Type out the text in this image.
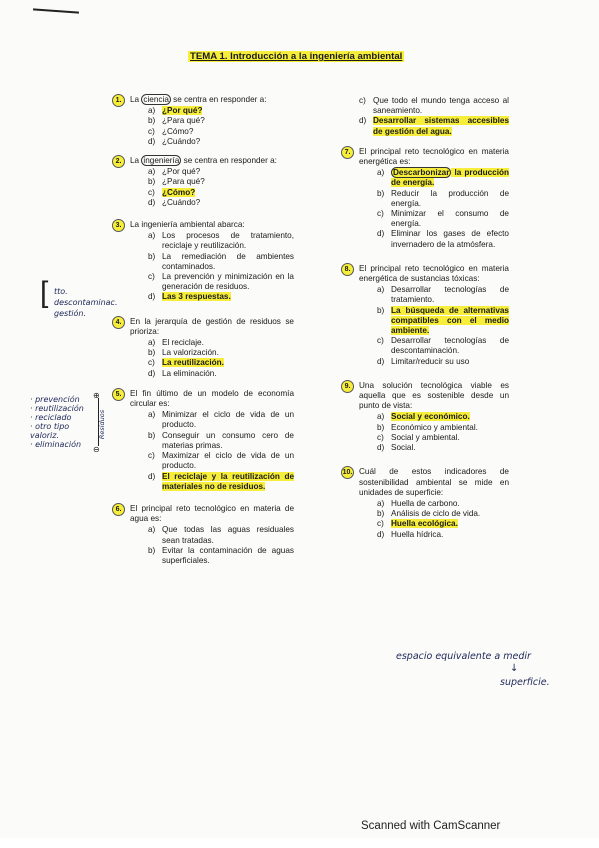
TEMA 1. Introducción a la ingeniería ambiental
1.	La ciencia se centra en responder a:
a) ¿Por qué?
b) ¿Para qué?
c) ¿Cómo?
d) ¿Cuándo?
2.	La ingeniería se centra en responder a:
a) ¿Por qué?
b) ¿Para qué?
c) ¿Cómo?
d) ¿Cuándo?
3.	La ingeniería ambiental abarca:
a) Los procesos de tratamiento, reciclaje y reutilización.
b) La remediación de ambientes contaminados.
c) La prevención y minimización en la generación de residuos.
d) Las 3 respuestas.
4.	En la jerarquía de gestión de residuos se prioriza:
a) El reciclaje.
b) La valorización.
c) La reutilización.
d) La eliminación.
5.	El fin último de un modelo de economía circular es:
a) Minimizar el ciclo de vida de un producto.
b) Conseguir un consumo cero de materias primas.
c) Maximizar el ciclo de vida de un producto.
d) El reciclaje y la reutilización de materiales no de residuos.
6.	El principal reto tecnológico en materia de agua es:
a) Que todas las aguas residuales sean tratadas.
b) Evitar la contaminación de aguas superficiales.
c) Que todo el mundo tenga acceso al saneamiento.
d) Desarrollar sistemas accesibles de gestión del agua.
7.	El principal reto tecnológico en materia energética es:
a)	Descarbonizar la producción de energía.
b) Reducir la producción de energía.
c) Minimizar el consumo de energía.
d) Eliminar los gases de efecto invernadero de la atmósfera.
8.	El principal reto tecnológico en materia energética de sustancias tóxicas:
a) Desarrollar tecnologías de tratamiento.
b) La búsqueda de alternativas compatibles con el medio ambiente.
c) Desarrollar tecnologías de descontaminación.
d) Limitar/reducir su uso
9.	Una solución tecnológica viable es aquella que es sostenible desde un punto de vista:
a) Social y económico.
b) Económico y ambiental.
c) Social y ambiental.
d) Social.
10. Cuál de estos indicadores de sostenibilidad ambiental se mide en unidades de superficie:
a) Huella de carbono.
b) Análisis de ciclo de vida.
c) Huella ecológica.
d) Huella hídrica.
[ tto.
descontaminac.
gestión.
· prevención
· reutilización
· reciclado
· otro tipo
valoriz.
· eliminación
⊕
⊖
Residuos
espacio equivalente a medir
↓
superficie.
Scanned with CamScanner
